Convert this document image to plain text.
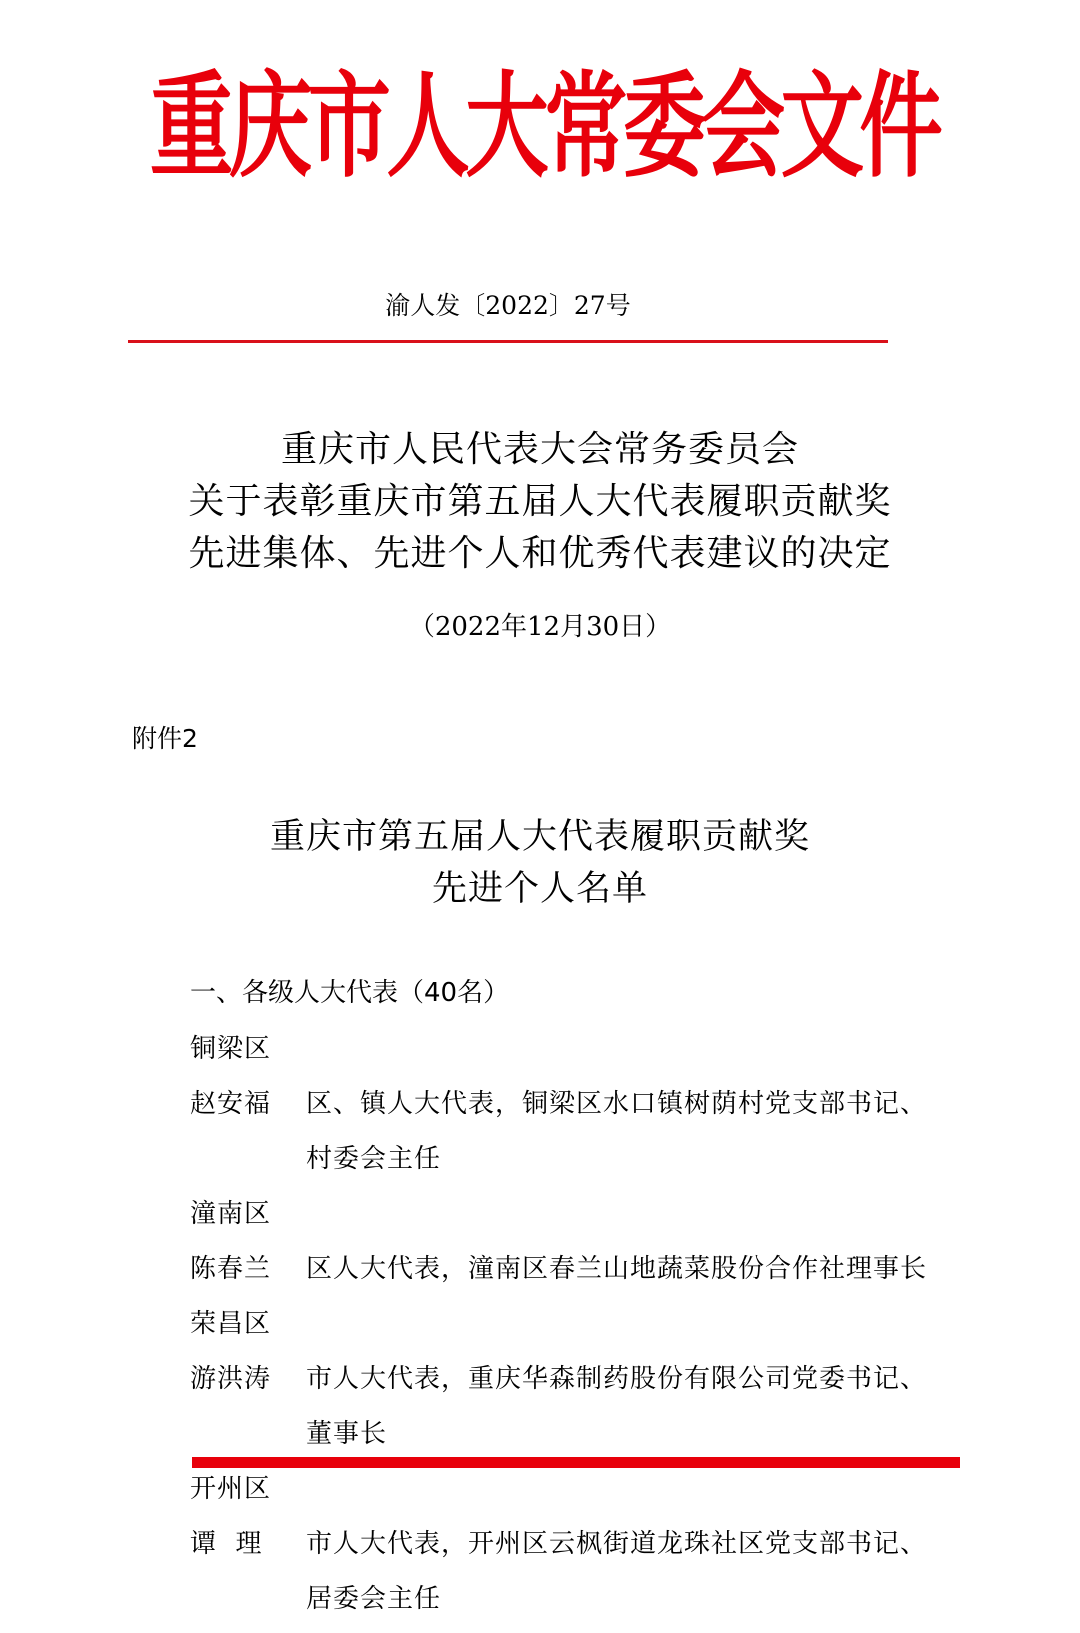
重庆市人大常委会文件
渝人发〔2022〕27号
重庆市人民代表大会常务委员会
关于表彰重庆市第五届人大代表履职贡献奖
先进集体、先进个人和优秀代表建议的决定
（2022年12月30日）
附件2
重庆市第五届人大代表履职贡献奖
先进个人名单
一、各级人大代表（40名）
铜梁区
赵安福 区、镇人大代表，铜梁区水口镇树荫村党支部书记、
村委会主任
潼南区
陈春兰 区人大代表，潼南区春兰山地蔬菜股份合作社理事长
荣昌区
游洪涛 市人大代表，重庆华森制药股份有限公司党委书记、
董事长
开州区
谭  理 市人大代表，开州区云枫街道龙珠社区党支部书记、
居委会主任
